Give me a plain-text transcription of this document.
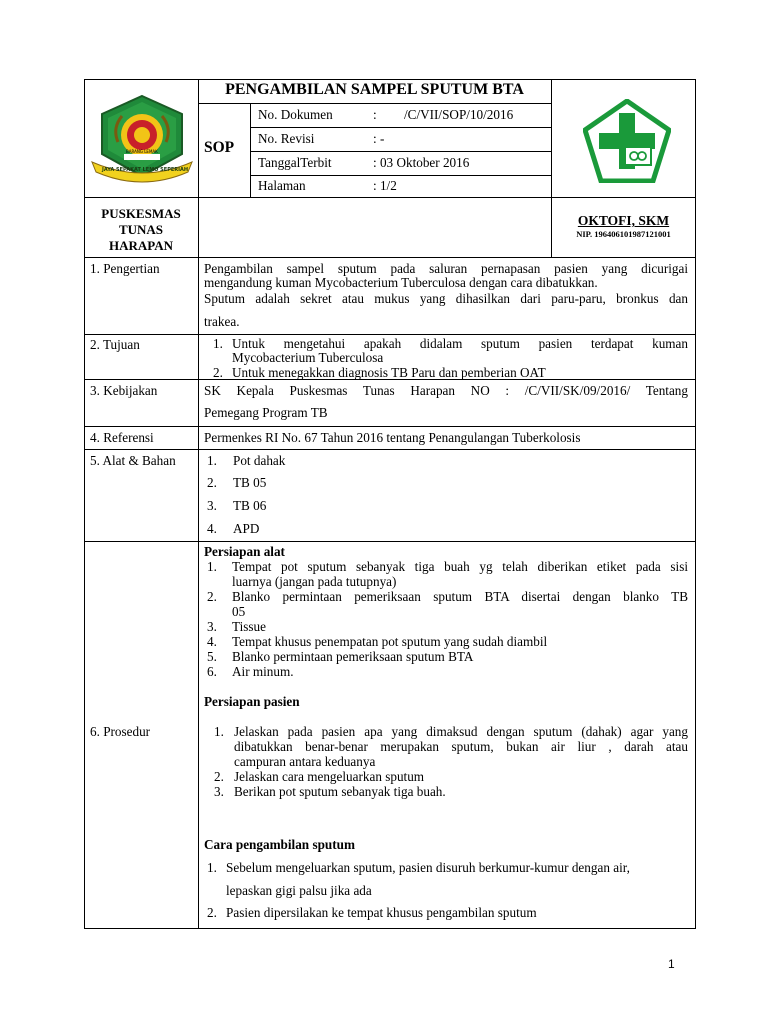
BARANG LEMAK
JAYA SEPAKAT LEMO SEPERIAH
PENGAMBILAN SAMPEL SPUTUM BTA
SOP
No. Dokumen	: /C/VII/SOP/10/2016
No. Revisi	: -
TanggalTerbit	: 03 Oktober 2016
Halaman	: 1/2
PUSKESMAS
TUNAS
HARAPAN
OKTOFI, SKM
NIP. 196406101987121001
1. Pengertian	Pengambilan sampel sputum pada saluran pernapasan pasien yang dicurigai
mengandung kuman Mycobacterium Tuberculosa dengan cara dibatukkan.
Sputum adalah sekret atau mukus yang dihasilkan dari paru-paru, bronkus dan
trakea.
2. Tujuan	1. Untuk mengetahui apakah didalam sputum pasien terdapat kuman
Mycobacterium Tuberculosa
2. Untuk menegakkan diagnosis TB Paru dan pemberian OAT
3. Kebijakan	SK Kepala Puskesmas Tunas Harapan NO : /C/VII/SK/09/2016/ Tentang
Pemegang Program TB
4. Referensi	Permenkes RI No. 67 Tahun 2016 tentang Penangulangan Tuberkolosis
5. Alat & Bahan 1. Pot dahak
2. TB 05
3. TB 06
4. APD
6. Prosedur
Persiapan alat
1. Tempat pot sputum sebanyak tiga buah yg telah diberikan etiket pada sisi
luarnya (jangan pada tutupnya)
2. Blanko permintaan pemeriksaan sputum BTA disertai dengan blanko TB
05
3. Tissue
4. Tempat khusus penempatan pot sputum yang sudah diambil
5. Blanko permintaan pemeriksaan sputum BTA
6. Air minum.
Persiapan pasien
1. Jelaskan pada pasien apa yang dimaksud dengan sputum (dahak) agar yang
dibatukkan benar-benar merupakan sputum, bukan air liur , darah atau
campuran antara keduanya
2. Jelaskan cara mengeluarkan sputum
3. Berikan pot sputum sebanyak tiga buah.
Cara pengambilan sputum
1. Sebelum mengeluarkan sputum, pasien disuruh berkumur-kumur dengan air,
lepaskan gigi palsu jika ada
2. Pasien dipersilakan ke tempat khusus pengambilan sputum
1
